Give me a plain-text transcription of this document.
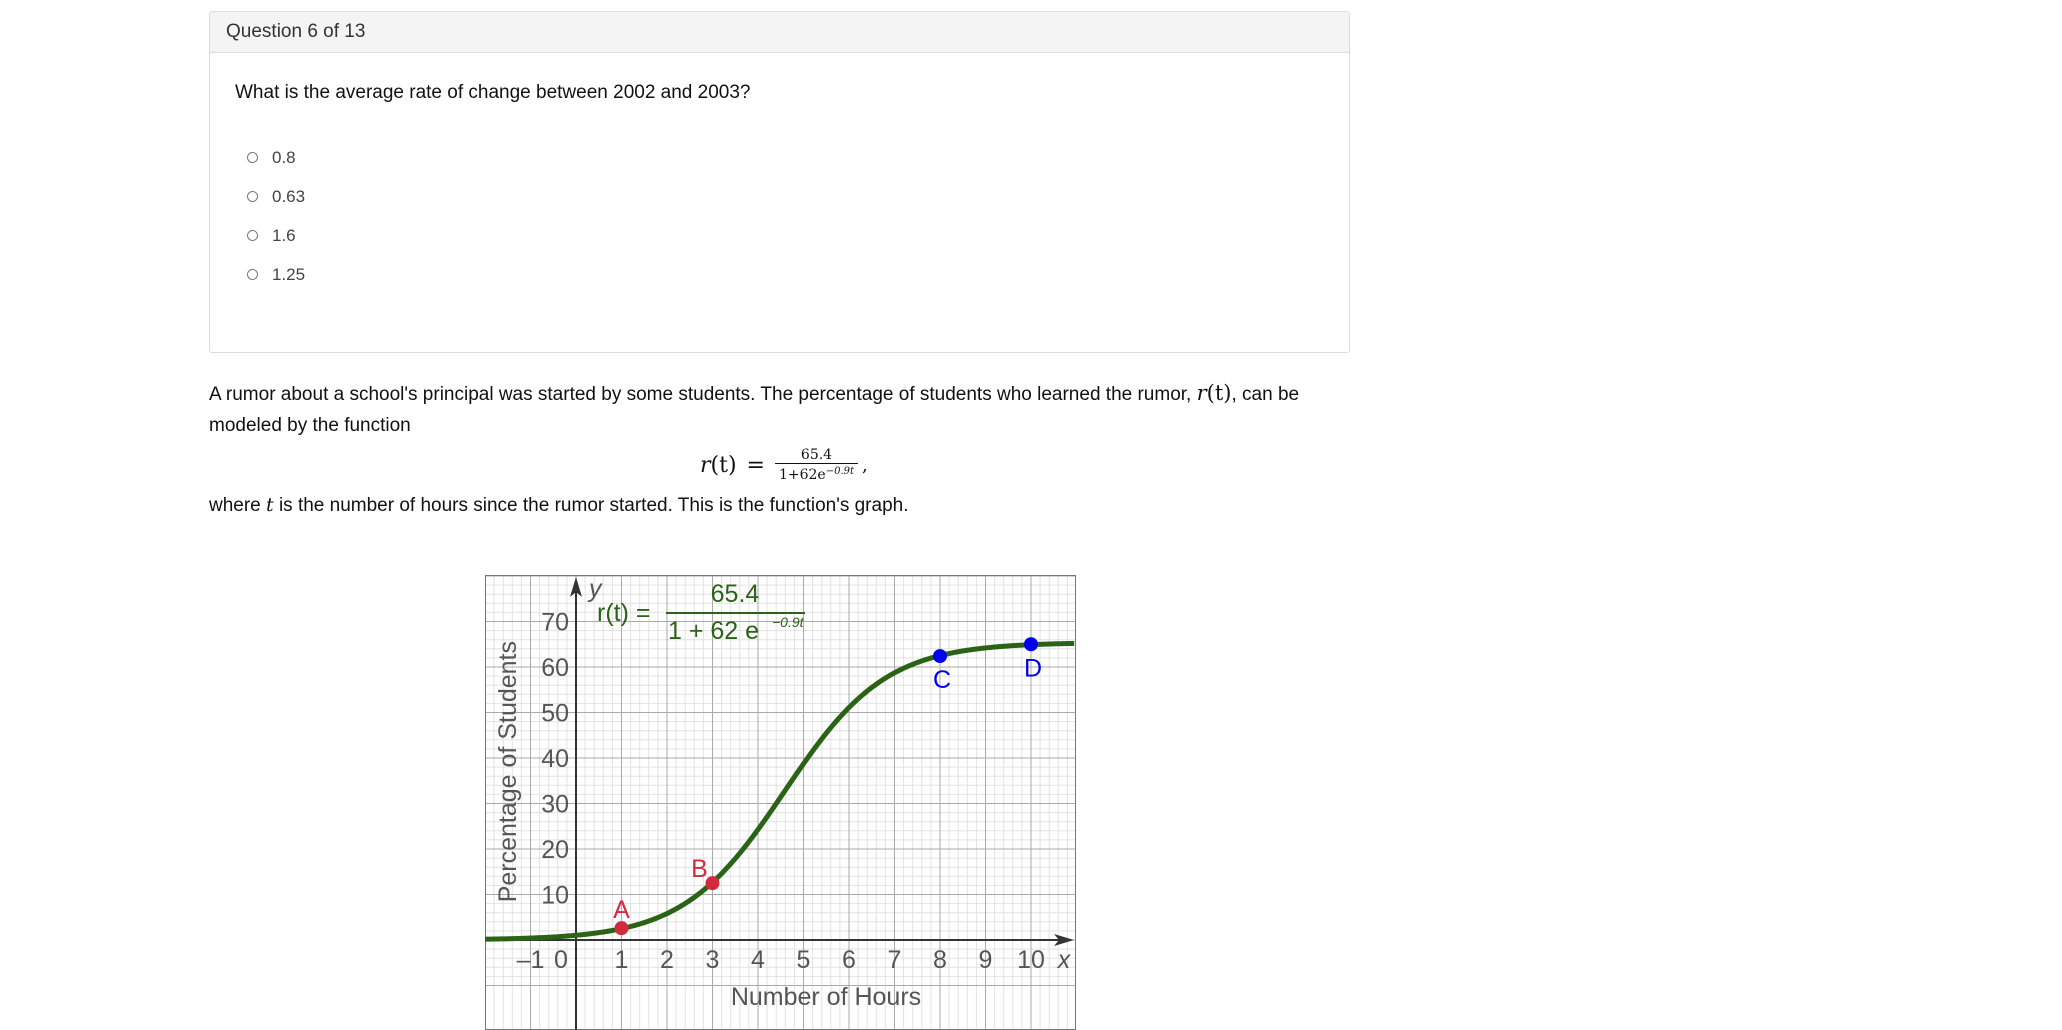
Question 6 of 13
What is the average rate of change between 2002 and 2003?
0.8
0.63
1.6
1.25
A rumor about a school's principal was started by some students. The percentage of students who learned the rumor, r(t), can be modeled by the function
$r(t) = \frac{65.4}{1+62e^{-0.9t}}$ ,
where t is the number of hours since the rumor started. This is the function's graph.
–1 0 1 2 3 4 5 6 7 8 9 10 x
10
20
30
40
50
60
70
y
Number of Hours
Percentage of Students
r(t) =
65.4
1 + 62 e −0.9t
A
B
C	D
